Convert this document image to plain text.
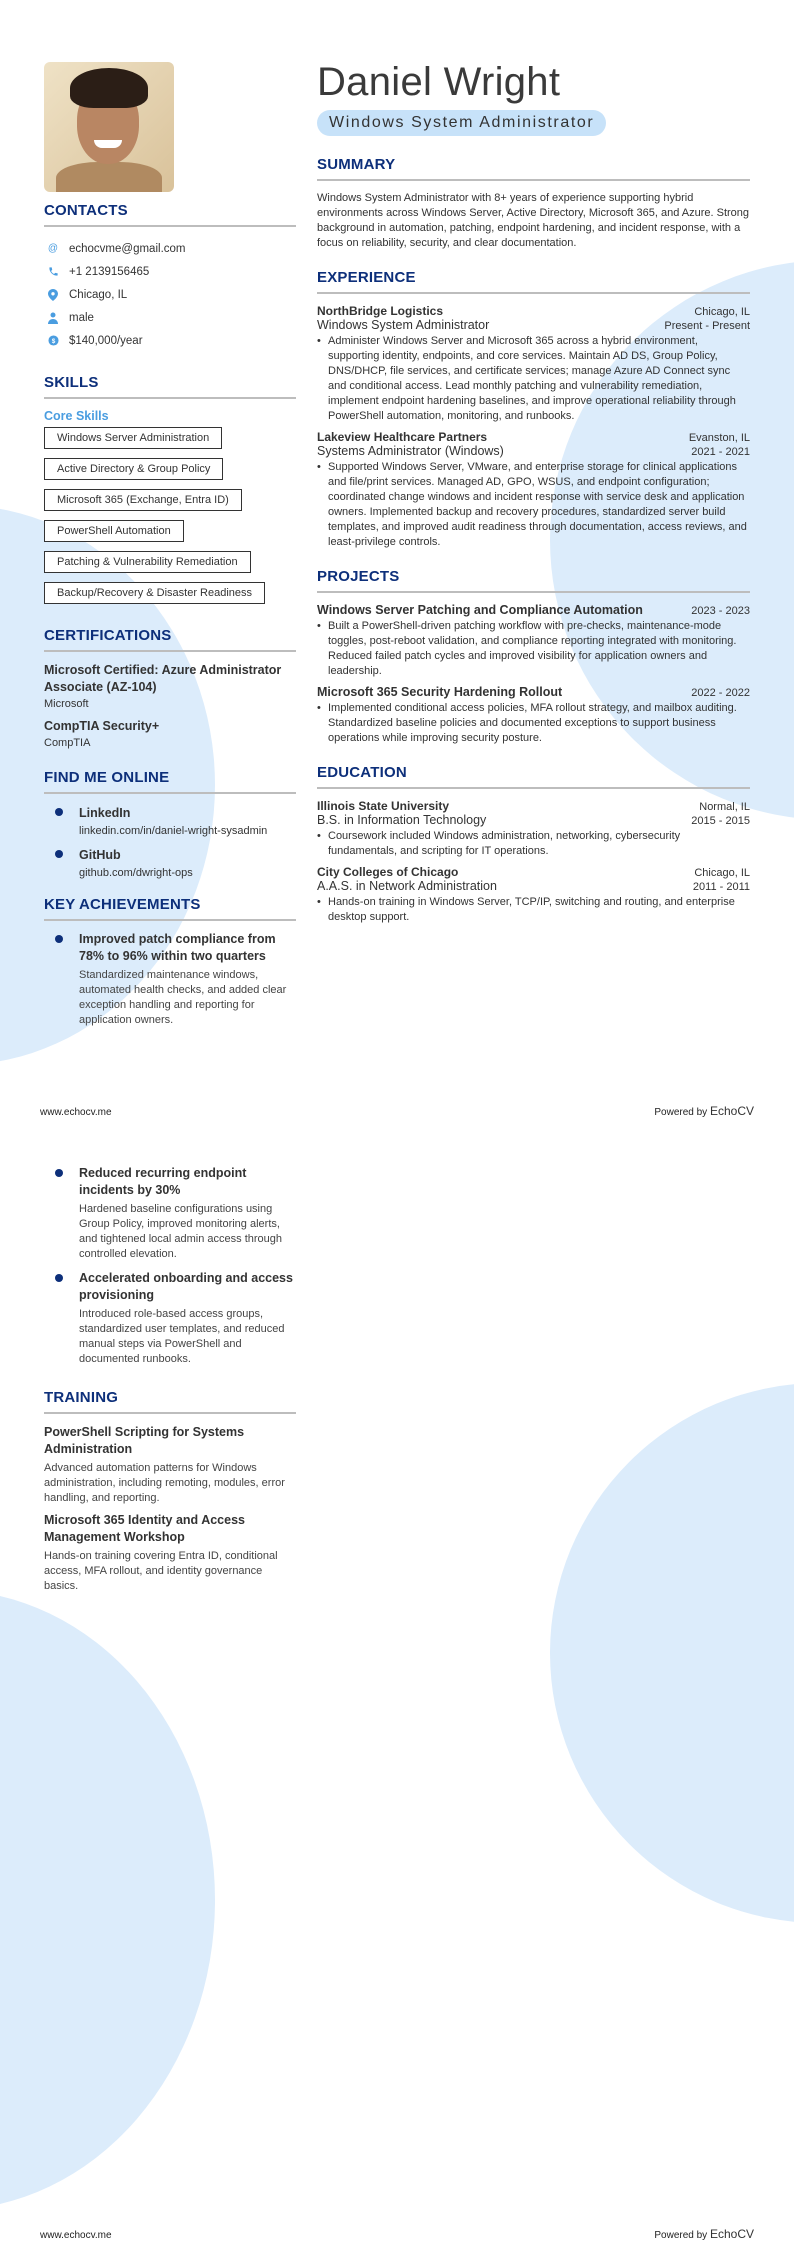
CONTACTS
@ echocvme@gmail.com
+1 2139156465
Chicago, IL
male
$ $140,000/year
SKILLS
Core Skills
Windows Server Administration
Active Directory & Group Policy
Microsoft 365 (Exchange, Entra ID)
PowerShell Automation
Patching & Vulnerability Remediation
Backup/Recovery & Disaster Readiness
CERTIFICATIONS
Microsoft Certified: Azure Administrator Associate (AZ-104)
Microsoft
CompTIA Security+
CompTIA
FIND ME ONLINE
LinkedIn
linkedin.com/in/daniel-wright-sysadmin
GitHub
github.com/dwright-ops
KEY ACHIEVEMENTS
Improved patch compliance from 78% to 96% within two quarters
Standardized maintenance windows, automated health checks, and added clear exception handling and reporting for application owners.
Daniel Wright
Windows System Administrator
SUMMARY
Windows System Administrator with 8+ years of experience supporting hybrid environments across Windows Server, Active Directory, Microsoft 365, and Azure. Strong background in automation, patching, endpoint hardening, and incident response, with a focus on reliability, security, and clear documentation.
EXPERIENCE
NorthBridge Logistics	Chicago, IL
Windows System Administrator	Present - Present
• Administer Windows Server and Microsoft 365 across a hybrid environment, supporting identity, endpoints, and core services. Maintain AD DS, Group Policy, DNS/DHCP, file services, and certificate services; manage Azure AD Connect sync and conditional access. Lead monthly patching and vulnerability remediation, implement endpoint hardening baselines, and improve operational reliability through PowerShell automation, monitoring, and runbooks.
Lakeview Healthcare Partners	Evanston, IL
Systems Administrator (Windows)	2021 - 2021
• Supported Windows Server, VMware, and enterprise storage for clinical applications and file/print services. Managed AD, GPO, WSUS, and endpoint configuration; coordinated change windows and incident response with service desk and application owners. Implemented backup and recovery procedures, standardized server build templates, and improved audit readiness through documentation, access reviews, and least-privilege controls.
PROJECTS
Windows Server Patching and Compliance Automation	2023 - 2023
• Built a PowerShell-driven patching workflow with pre-checks, maintenance-mode toggles, post-reboot validation, and compliance reporting integrated with monitoring. Reduced failed patch cycles and improved visibility for application owners and leadership.
Microsoft 365 Security Hardening Rollout	2022 - 2022
• Implemented conditional access policies, MFA rollout strategy, and mailbox auditing. Standardized baseline policies and documented exceptions to support business operations while improving security posture.
EDUCATION
Illinois State University	Normal, IL
B.S. in Information Technology	2015 - 2015
• Coursework included Windows administration, networking, cybersecurity fundamentals, and scripting for IT operations.
City Colleges of Chicago	Chicago, IL
A.A.S. in Network Administration	2011 - 2011
• Hands-on training in Windows Server, TCP/IP, switching and routing, and enterprise desktop support.
www.echocv.me	Powered by EchoCV
Reduced recurring endpoint incidents by 30%
Hardened baseline configurations using Group Policy, improved monitoring alerts, and tightened local admin access through controlled elevation.
Accelerated onboarding and access provisioning
Introduced role-based access groups, standardized user templates, and reduced manual steps via PowerShell and documented runbooks.
TRAINING
PowerShell Scripting for Systems Administration
Advanced automation patterns for Windows administration, including remoting, modules, error handling, and reporting.
Microsoft 365 Identity and Access Management Workshop
Hands-on training covering Entra ID, conditional access, MFA rollout, and identity governance basics.
www.echocv.me	Powered by EchoCV
